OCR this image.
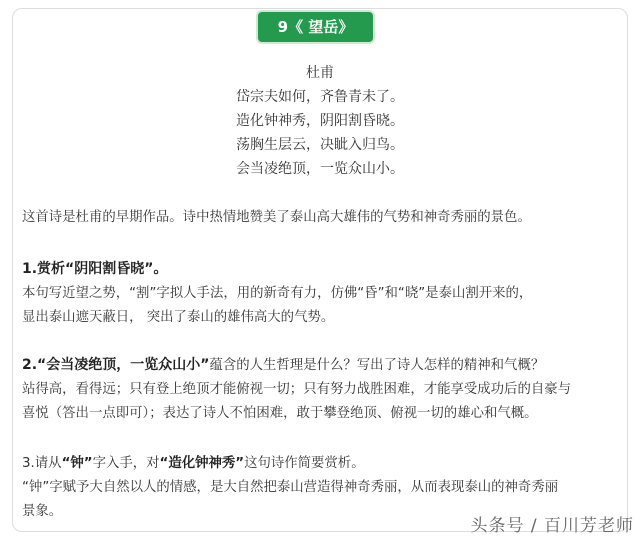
9《 望岳》
杜甫
岱宗夫如何，齐鲁青未了。
造化钟神秀，阴阳割昏晓。
荡胸生层云，决眦入归鸟。
会当凌绝顶，一览众山小。
这首诗是杜甫的早期作品。诗中热情地赞美了泰山高大雄伟的气势和神奇秀丽的景色。
1.赏析“阴阳割昏晓”。
本句写近望之势，“割”字拟人手法，用的新奇有力，仿佛“昏”和“晓”是泰山割开来的，
显出泰山遮天蔽日， 突出了泰山的雄伟高大的气势。
2.“会当凌绝顶，一览众山小”蕴含的人生哲理是什么？写出了诗人怎样的精神和气概？
站得高，看得远；只有登上绝顶才能俯视一切；只有努力战胜困难，才能享受成功后的自豪与
喜悦（答出一点即可）；表达了诗人不怕困难，敢于攀登绝顶、俯视一切的雄心和气概。
3.请从“钟”字入手，对“造化钟神秀”这句诗作简要赏析。
“钟”字赋予大自然以人的情感，是大自然把泰山营造得神奇秀丽，从而表现泰山的神奇秀丽
景象。
头条号 / 百川芳老师
